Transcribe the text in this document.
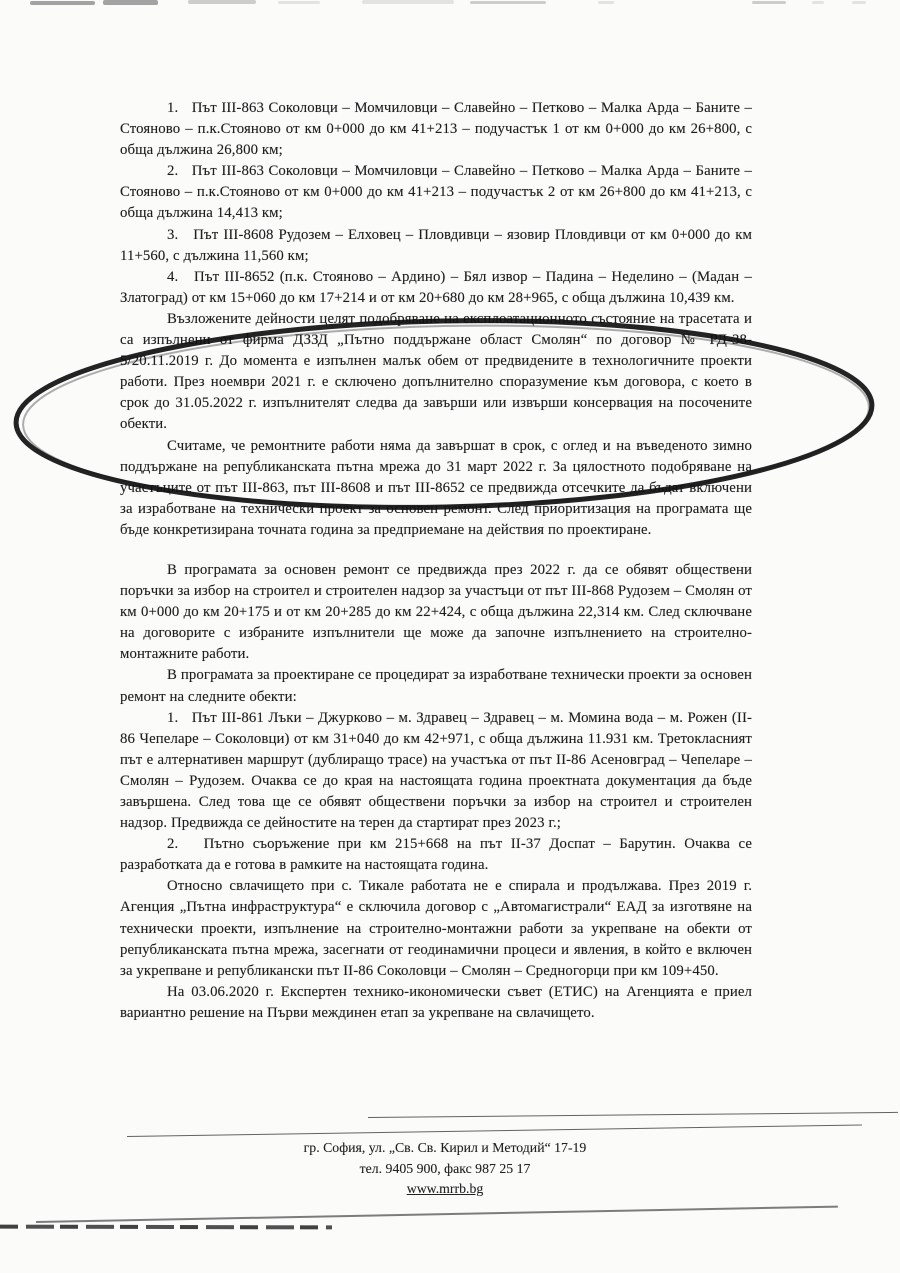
1.   Път III-863 Соколовци – Момчиловци – Славейно – Петково – Малка Арда – Баните – Стояново – п.к.Стояново от км 0+000 до км 41+213 – подучастък 1 от км 0+000 до км 26+800, с обща дължина 26,800 км;

2.   Път III-863 Соколовци – Момчиловци – Славейно – Петково – Малка Арда – Баните – Стояново – п.к.Стояново от км 0+000 до км 41+213 – подучастък 2 от км 26+800 до км 41+213, с обща дължина 14,413 км;

3.   Път III-8608 Рудозем – Елховец – Пловдивци – язовир Пловдивци от км 0+000 до км 11+560, с дължина 11,560 км;

4.   Път III-8652 (п.к. Стояново – Ардино) – Бял извор – Падина – Неделино – (Мадан – Златоград) от км 15+060 до км 17+214 и от км 20+680 до км 28+965, с обща дължина 10,439 км.

Възложените дейности целят подобряване на експлоатационното състояние на трасетата и са изпълнени от фирма ДЗЗД „Пътно поддържане област Смолян“ по договор № РД-38-5/20.11.2019 г. До момента е изпълнен малък обем от предвидените в технологичните проекти работи. През ноември 2021 г. е сключено допълнително споразумение към договора, с което в срок до 31.05.2022 г. изпълнителят следва да завърши или извърши консервация на посочените обекти.

Считаме, че ремонтните работи няма да завършат в срок, с оглед и на въведеното зимно поддържане на републиканската пътна мрежа до 31 март 2022 г. За цялостното подобряване на участъците от път III-863, път III-8608 и път III-8652 се предвижда отсечките да бъдат включени за изработване на технически проект за основен ремонт. След приоритизация на програмата ще бъде конкретизирана точната година за предприемане на действия по проектиране.

В програмата за основен ремонт се предвижда през 2022 г. да се обявят обществени поръчки за избор на строител и строителен надзор за участъци от път III-868 Рудозем – Смолян от км 0+000 до км 20+175 и от км 20+285 до км 22+424, с обща дължина 22,314 км. След сключване на договорите с избраните изпълнители ще може да започне изпълнението на строително-монтажните работи.

В програмата за проектиране се процедират за изработване технически проекти за основен ремонт на следните обекти:

1.   Път III-861 Лъки – Джурково – м. Здравец – Здравец – м. Момина вода – м. Рожен (II-86 Чепеларе – Соколовци) от км 31+040 до км 42+971, с обща дължина 11.931 км. Третокласният път е алтернативен маршрут (дублиращо трасе) на участъка от път II-86 Асеновград – Чепеларе – Смолян – Рудозем. Очаква се до края на настоящата година проектната документация да бъде завършена. След това ще се обявят обществени поръчки за избор на строител и строителен надзор. Предвижда се дейностите на терен да стартират през 2023 г.;

2.   Пътно съоръжение при км 215+668 на път II-37 Доспат – Барутин. Очаква се разработката да е готова в рамките на настоящата година.

Относно свлачището при с. Тикале работата не е спирала и продължава. През 2019 г. Агенция „Пътна инфраструктура“ е сключила договор с „Автомагистрали“ ЕАД за изготвяне на технически проекти, изпълнение на строително-монтажни работи за укрепване на обекти от републиканската пътна мрежа, засегнати от геодинамични процеси и явления, в който е включен за укрепване и републикански път II-86 Соколовци – Смолян – Средногорци при км 109+450.

На 03.06.2020 г. Експертен технико-икономически съвет (ЕТИС) на Агенцията е приел вариантно решение на Първи междинен етап за укрепване на свлачището.

гр. София, ул. „Св. Св. Кирил и Методий“ 17-19
тел. 9405 900, факс 987 25 17
www.mrrb.bg
